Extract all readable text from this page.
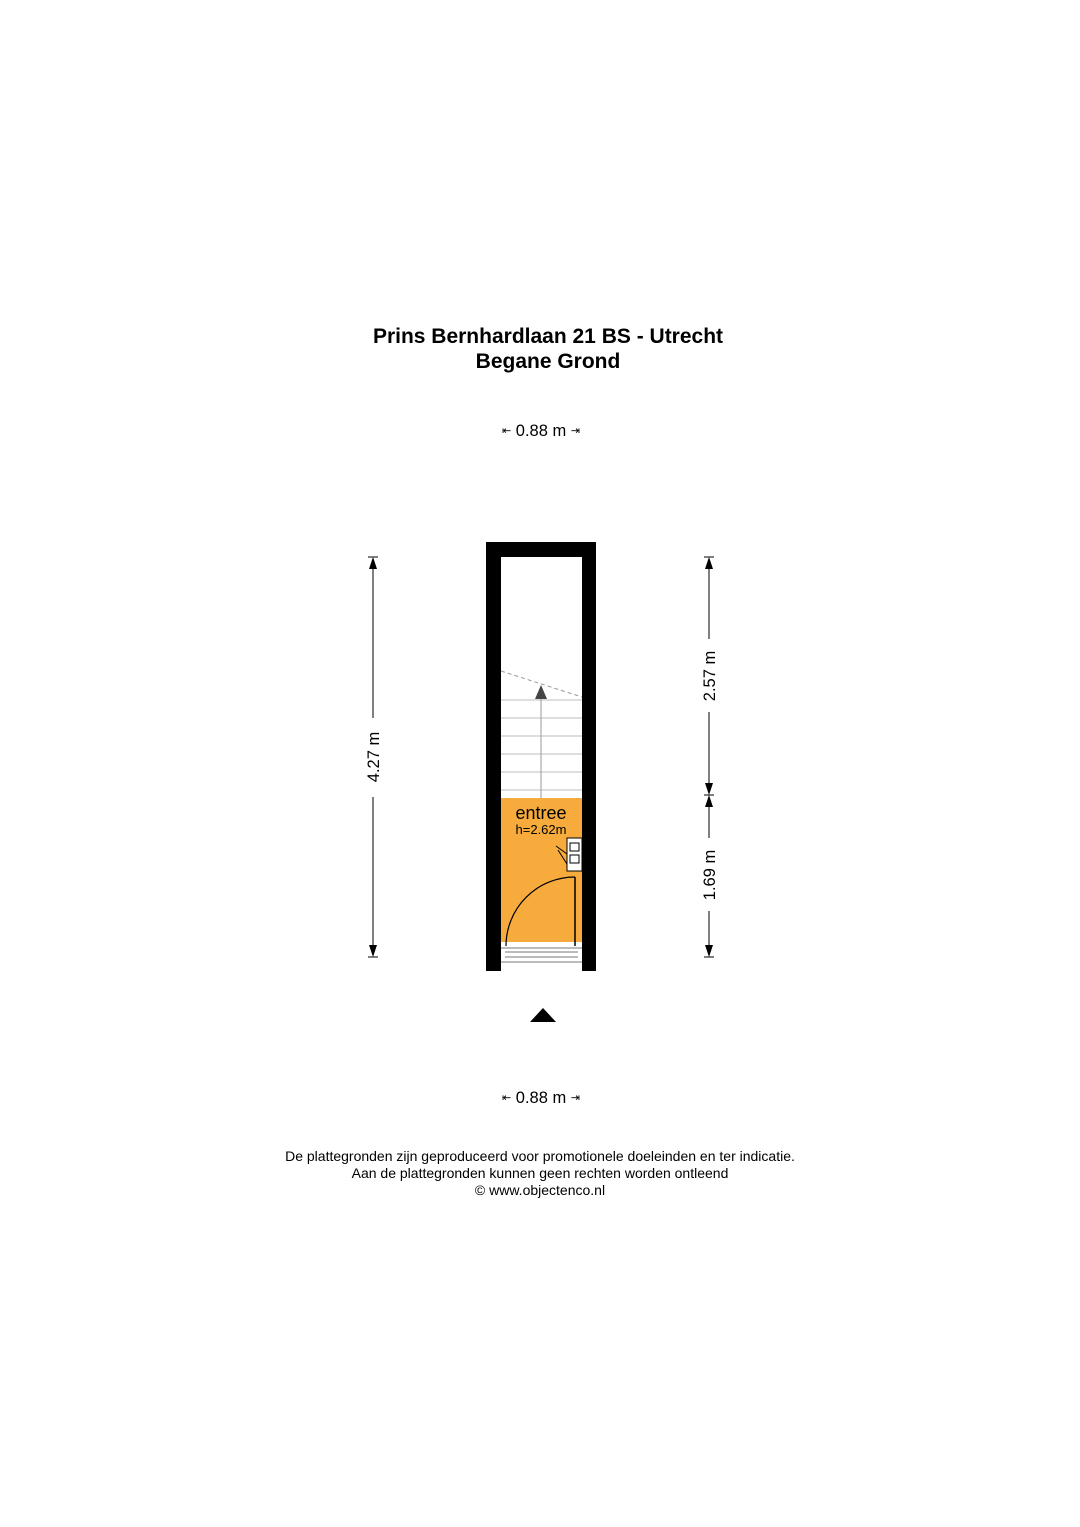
Prins Bernhardlaan 21 BS - Utrecht
Begane Grond
⇤ 0.88 m ⇥
entree
h=2.62m
4.27 m
2.57 m
1.69 m
⇤ 0.88 m ⇥
De plattegronden zijn geproduceerd voor promotionele doeleinden en ter indicatie.
Aan de plattegronden kunnen geen rechten worden ontleend
© www.objectenco.nl
